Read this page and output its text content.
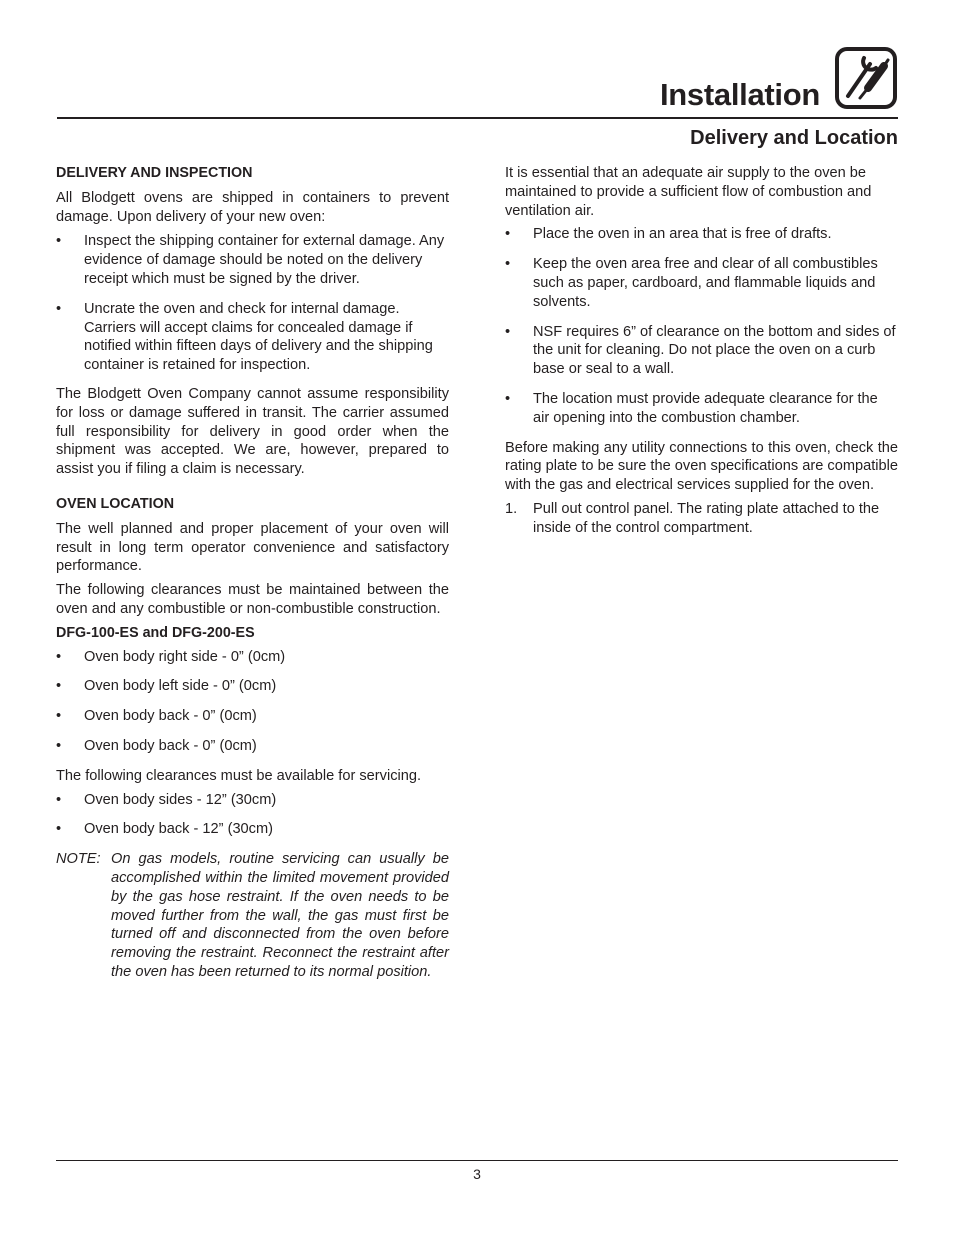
Installation
Delivery and Location

DELIVERY AND INSPECTION

All Blodgett ovens are shipped in containers to prevent damage. Upon delivery of your new oven:

• Inspect the shipping container for external damage. Any evidence of damage should be noted on the delivery receipt which must be signed by the driver.
• Uncrate the oven and check for internal damage. Carriers will accept claims for concealed damage if notified within fifteen days of delivery and the shipping container is retained for inspection.

The Blodgett Oven Company cannot assume responsibility for loss or damage suffered in transit. The carrier assumed full responsibility for delivery in good order when the shipment was accepted. We are, however, prepared to assist you if filing a claim is necessary.

OVEN LOCATION

The well planned and proper placement of your oven will result in long term operator convenience and satisfactory performance.

The following clearances must be maintained between the oven and any combustible or non-combustible construction.

DFG-100-ES and DFG-200-ES

• Oven body right side - 0” (0cm)
• Oven body left side - 0” (0cm)
• Oven body back - 0” (0cm)
• Oven body back - 0” (0cm)

The following clearances must be available for servicing.

• Oven body sides - 12” (30cm)
• Oven body back - 12” (30cm)
NOTE: On gas models, routine servicing can usually be accomplished within the limited movement provided by the gas hose restraint. If the oven needs to be moved further from the wall, the gas must first be turned off and disconnected from the oven before removing the restraint. Reconnect the restraint after the oven has been returned to its normal position.

It is essential that an adequate air supply to the oven be maintained to provide a sufficient flow of combustion and ventilation air.

• Place the oven in an area that is free of drafts.
• Keep the oven area free and clear of all combustibles such as paper, cardboard, and flammable liquids and solvents.
• NSF requires 6” of clearance on the bottom and sides of the unit for cleaning. Do not place the oven on a curb base or seal to a wall.
• The location must provide adequate clearance for the air opening into the combustion chamber.

Before making any utility connections to this oven, check the rating plate to be sure the oven specifications are compatible with the gas and electrical services supplied for the oven.

1. Pull out control panel. The rating plate attached to the inside of the control compartment.
3
